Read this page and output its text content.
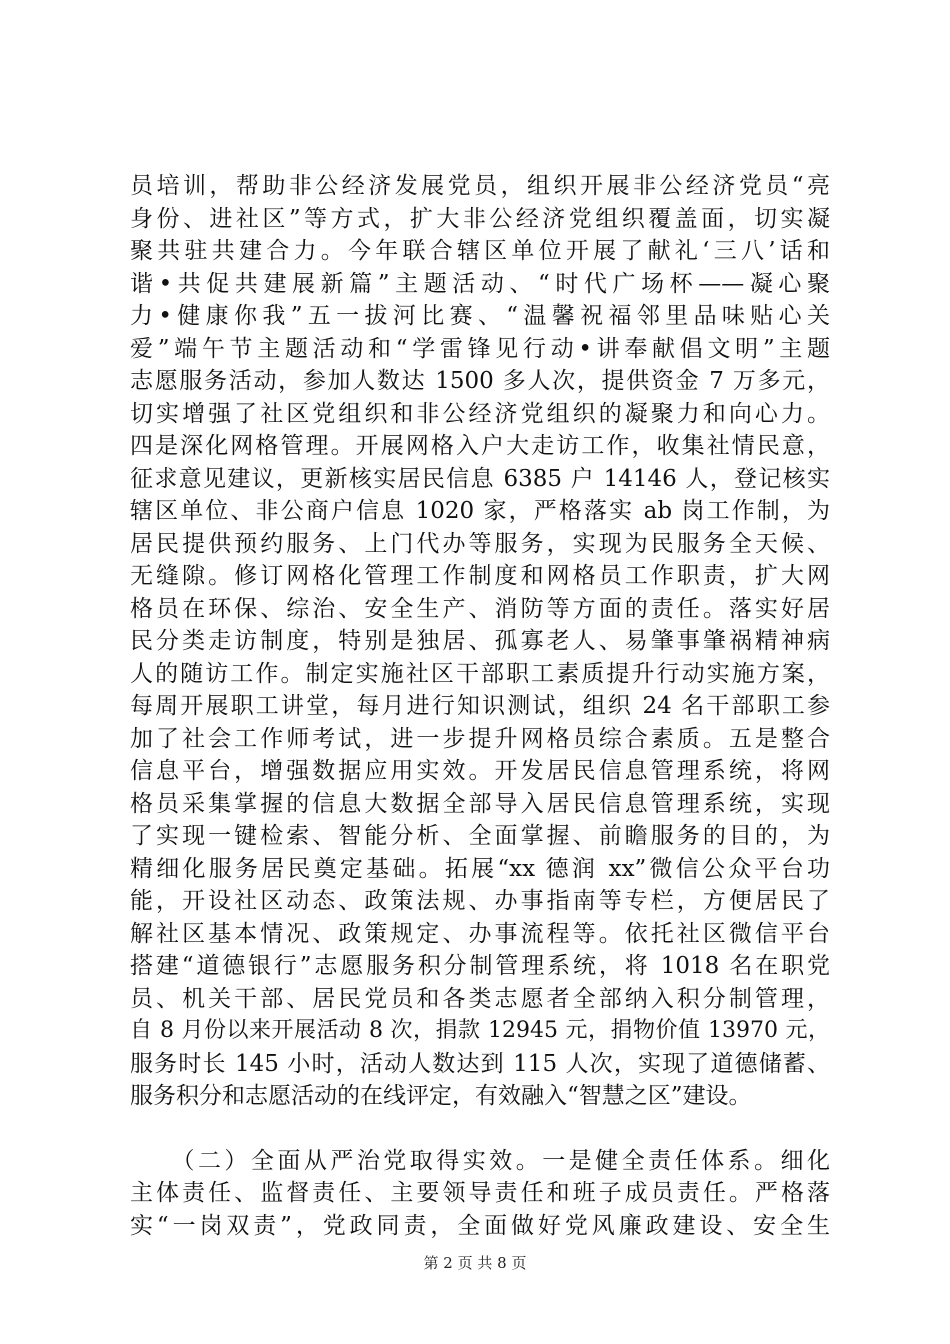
员培训，帮助非公经济发展党员，组织开展非公经济党员“亮
身份、进社区”等方式，扩大非公经济党组织覆盖面，切实凝
聚共驻共建合力。今年联合辖区单位开展了献礼‘三八’话和
谐•共促共建展新篇”主题活动、“时代广场杯——凝心聚
力•健康你我”五一拔河比赛、“温馨祝福邻里品味贴心关
爱”端午节主题活动和“学雷锋见行动•讲奉献倡文明”主题
志愿服务活动，参加人数达 1500 多人次，提供资金 7 万多元，
切实增强了社区党组织和非公经济党组织的凝聚力和向心力。
四是深化网格管理。开展网格入户大走访工作，收集社情民意，
征求意见建议，更新核实居民信息 6385 户 14146 人，登记核实
辖区单位、非公商户信息 1020 家，严格落实 ab 岗工作制，为
居民提供预约服务、上门代办等服务，实现为民服务全天候、
无缝隙。修订网格化管理工作制度和网格员工作职责，扩大网
格员在环保、综治、安全生产、消防等方面的责任。落实好居
民分类走访制度，特别是独居、孤寡老人、易肇事肇祸精神病
人的随访工作。制定实施社区干部职工素质提升行动实施方案，
每周开展职工讲堂，每月进行知识测试，组织 24 名干部职工参
加了社会工作师考试，进一步提升网格员综合素质。五是整合
信息平台，增强数据应用实效。开发居民信息管理系统，将网
格员采集掌握的信息大数据全部导入居民信息管理系统，实现
了实现一键检索、智能分析、全面掌握、前瞻服务的目的，为
精细化服务居民奠定基础。拓展“xx 德润 xx”微信公众平台功
能，开设社区动态、政策法规、办事指南等专栏，方便居民了
解社区基本情况、政策规定、办事流程等。依托社区微信平台
搭建“道德银行”志愿服务积分制管理系统，将 1018 名在职党
员、机关干部、居民党员和各类志愿者全部纳入积分制管理，
自 8 月份以来开展活动 8 次，捐款 12945 元，捐物价值 13970 元，
服务时长 145 小时，活动人数达到 115 人次，实现了道德储蓄、
服务积分和志愿活动的在线评定，有效融入“智慧之区”建设。
　　（二）全面从严治党取得实效。一是健全责任体系。细化
主体责任、监督责任、主要领导责任和班子成员责任。严格落
实“一岗双责”，党政同责，全面做好党风廉政建设、安全生
第 2 页 共 8 页
